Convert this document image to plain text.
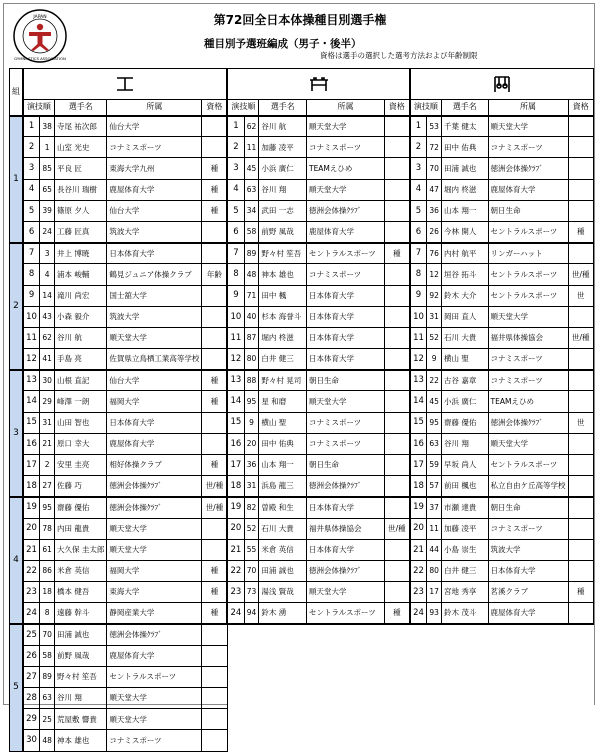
JAPAN
GYMNASTICS ASSOCIATION
第72回全日本体操種目別選手権
種目別予選班編成（男子・後半）
資格は選手の選択した選考方法および年齢制限
組	

	演技順		選手名	所属	資格	演技順		選手名	所属	資格	演技順		選手名	所属	資格
1	1	38	寺尾 祐次郎	仙台大学		1	62	谷川 航	順天堂大学		1	53	千葉 健太	順天堂大学	
	2	1	山室 光史	コナミスポーツ		2	11	加藤 凌平	コナミスポーツ		2	72	田中 佑典	コナミスポーツ	
	3	85	平良 匠	東海大学九州	種	3	45	小浜 廣仁	TEAMえひめ		3	70	田浦 誠也	徳洲会体操ｸﾗﾌﾞ	
	4	65	長谷川 瑞樹	鹿屋体育大学	種	4	63	谷川 翔	順天堂大学		4	47	堀内 柊滋	鹿屋体育大学	
	5	39	篠原 夕人	仙台大学	種	5	34	武田 一志	徳洲会体操ｸﾗﾌﾞ		5	36	山本 翔一	朝日生命	
	6	24	工藤 匠真	筑波大学		6	58	前野 風哉	鹿屋体育大学		6	26	今林 開人	セントラルスポーツ	種
2	7	3	井上 博暁	日本体育大学		7	89	野々村 笙吾	セントラルスポーツ	種	7	76	内村 航平	リンガーハット	
	8	4	浦本 峻輔	鶴見ジュニア体操クラブ	年齢	8	48	神本 雄也	コナミスポーツ		8	12	垣谷 拓斗	セントラルスポーツ	世/種
	9	14	滝川 尚宏	国士舘大学		9	71	田中 楓	日本体育大学		9	92	鈴木 大介	セントラルスポーツ	世
	10	43	小森 毅介	筑波大学		10	40	杉本 海誉斗	日本体育大学		10	31	岡田 直人	順天堂大学	
	11	62	谷川 航	順天堂大学		11	87	堀内 柊滋	日本体育大学		11	52	石川 大貴	福井県体操協会	世/種
	12	41	手島 亮	佐賀県立鳥栖工業高等学校		12	80	白井 健三	日本体育大学		12	9	横山 聖	コナミスポーツ	
3	13	30	山根 直記	仙台大学	種	13	88	野々村 晃司	朝日生命		13	22	古谷 嘉章	コナミスポーツ	
	14	29	峰澤 一朗	福岡大学	種	14	95	星 和磨	順天堂大学		14	45	小浜 廣仁	TEAMえひめ	
	15	31	山田 智也	日本体育大学		15	9	横山 聖	コナミスポーツ		15	95	齋藤 優佑	徳洲会体操ｸﾗﾌﾞ	世
	16	21	原口 幸大	鹿屋体育大学		16	20	田中 佑典	コナミスポーツ		16	63	谷川 翔	順天堂大学	
	17	2	安里 圭亮	相好体操クラブ	種	17	36	山本 翔一	朝日生命		17	59	早坂 尚人	セントラルスポーツ	
	18	27	佐藤 巧	徳洲会体操ｸﾗﾌﾞ	世/種	18	31	浜島 龍三	徳洲会体操ｸﾗﾌﾞ		18	57	前田 楓也	私立自由ケ丘高等学校	
4	19	95	齋藤 優佑	徳洲会体操ｸﾗﾌﾞ	世/種	19	82	曽殿 和生	日本体育大学		19	37	市瀬 達貴	朝日生命	
	20	78	内田 龍貴	順天堂大学		20	52	石川 大貴	福井県体操協会	世/種	20	11	加藤 凌平	コナミスポーツ	
	21	61	大久保 圭太郎	順天堂大学		21	55	米倉 英信	日本体育大学		21	44	小島 崇生	筑波大学	
	22	86	米倉 英信	福岡大学	種	22	70	田浦 誠也	徳洲会体操ｸﾗﾌﾞ		22	80	白井 健三	日本体育大学	
	23	18	橋本 健吾	東海大学	種	23	73	湯浅 賢哉	順天堂大学		23	17	宮地 秀享	茗溪クラブ	種
	24	8	遠藤 幹斗	静岡産業大学	種	24	94	鈴木 湧	セントラルスポーツ	種	24	93	鈴木 茂斗	鹿屋体育大学	
5	25	70	田浦 誠也	徳洲会体操ｸﾗﾌﾞ											
	26	58	前野 風哉	鹿屋体育大学											
	27	89	野々村 笙吾	セントラルスポーツ											
	28	63	谷川 翔	順天堂大学											
	29	25	荒屋敷 響貴	順天堂大学											
	30	48	神本 雄也	コナミスポーツ											
